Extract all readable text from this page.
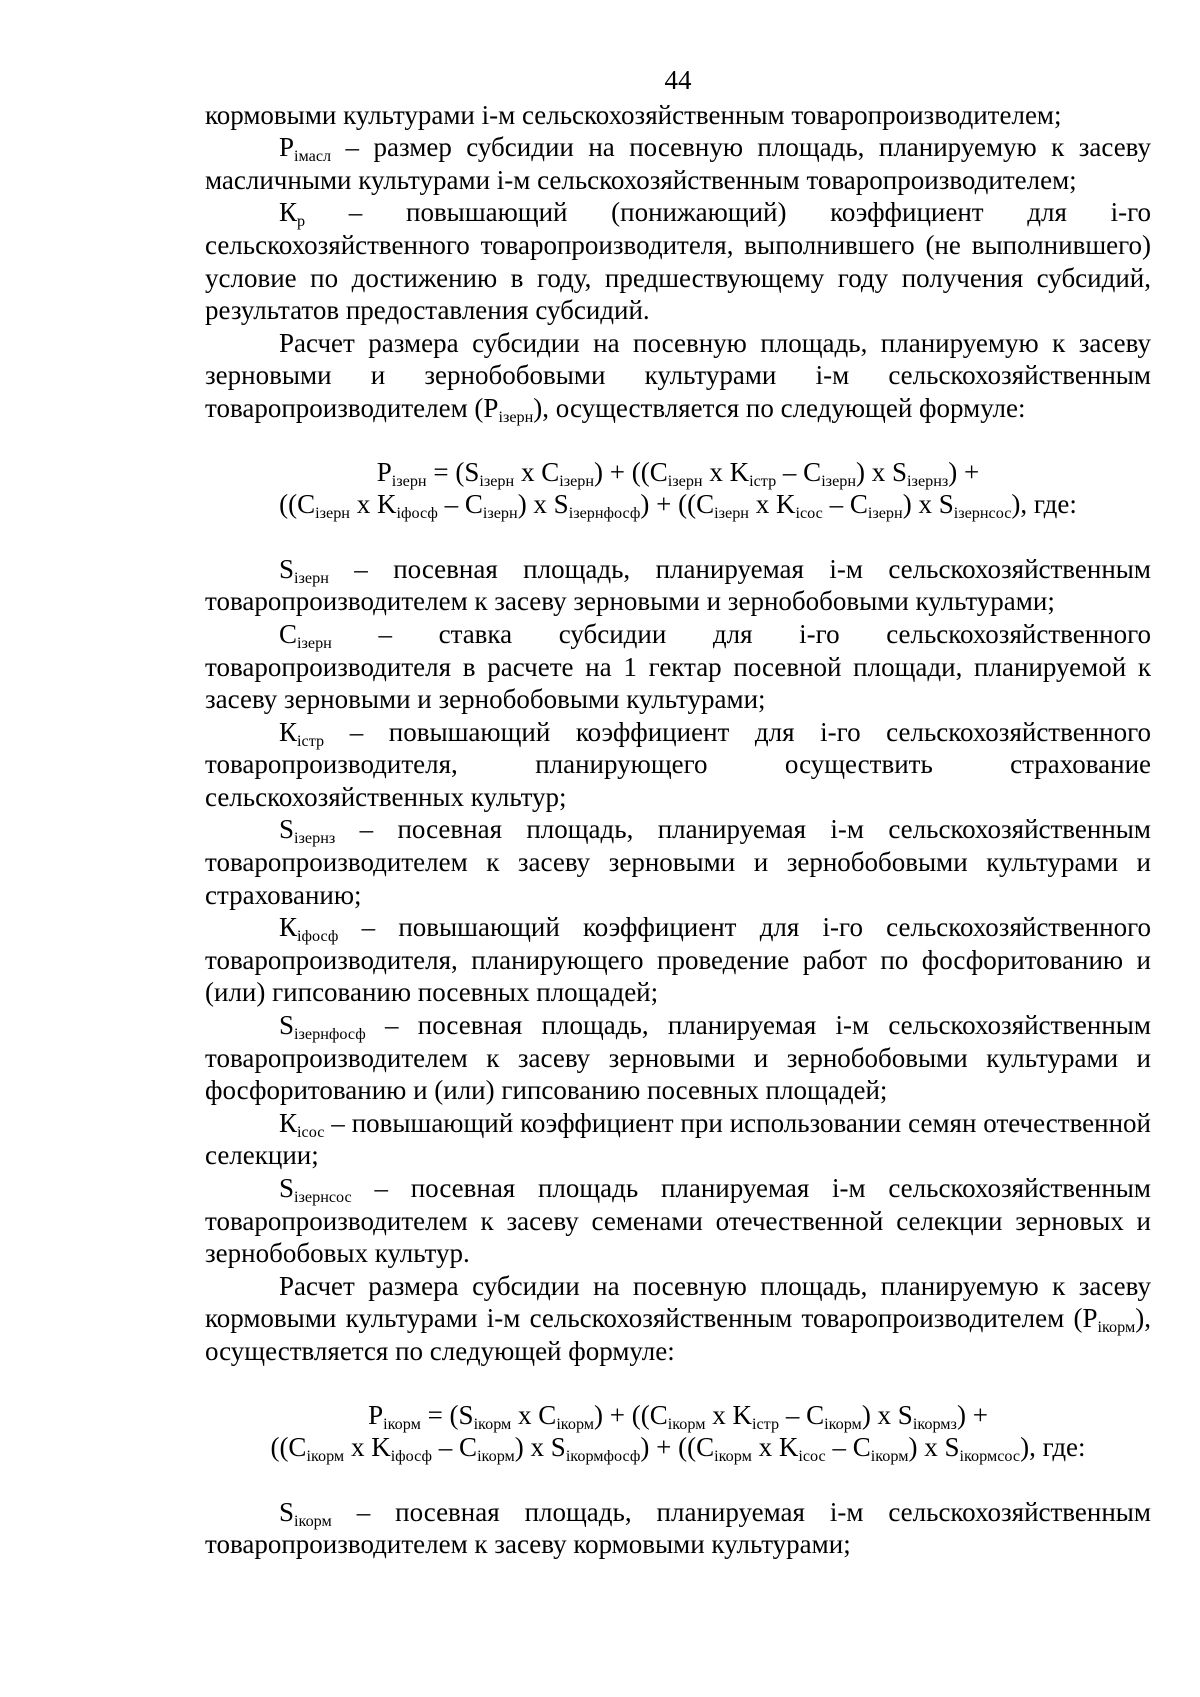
44

кормовыми культурами i-м сельскохозяйственным товаропроизводителем;

$P_{iмасл}$ – размер субсидии на посевную площадь, планируемую к засеву масличными культурами i-м сельскохозяйственным товаропроизводителем;

$К_р$ – повышающий (понижающий) коэффициент для i-го сельскохозяйственного товаропроизводителя, выполнившего (не выполнившего) условие по достижению в году, предшествующему году получения субсидий, результатов предоставления субсидий.

Расчет размера субсидии на посевную площадь, планируемую к засеву зерновыми и зернобобовыми культурами i-м сельскохозяйственным товаропроизводителем $(P_{iзерн})$, осуществляется по следующей формуле:

$P_{iзерн} = (S_{iзерн}$ x $C_{iзерн}) + ((C_{iзерн}$ x $K_{iстр} - C_{iзерн}$) x $S_{iзернз}$) +

(($C_{iзерн}$ x $K_{iфосф} - C_{iзерн}$) x $S_{iзернфосф}) + ((C_{iзерн}$ x $K_{iсос} - C_{iзерн}$) x $S_{iзернсос}$), где:

$S_{iзерн}$ – посевная площадь, планируемая i-м сельскохозяйственным товаропроизводителем к засеву зерновыми и зернобобовыми культурами;

$С_{iзерн}$ – ставка субсидии для i-го сельскохозяйственного товаропроизводителя в расчете на 1 гектар посевной площади, планируемой к засеву зерновыми и зернобобовыми культурами;

$К_{iстр}$ – повышающий коэффициент для i-го сельскохозяйственного товаропроизводителя, планирующего осуществить страхование сельскохозяйственных культур;

$S_{iзернз}$ – посевная площадь, планируемая i-м сельскохозяйственным товаропроизводителем к засеву зерновыми и зернобобовыми культурами и страхованию;

$К_{iфосф}$ – повышающий коэффициент для i-го сельскохозяйственного товаропроизводителя, планирующего проведение работ по фосфоритованию и (или) гипсованию посевных площадей;

$S_{iзернфосф}$ – посевная площадь, планируемая i-м сельскохозяйственным товаропроизводителем к засеву зерновыми и зернобобовыми культурами и фосфоритованию и (или) гипсованию посевных площадей;

$К_{iсос}$ – повышающий коэффициент при использовании семян отечественной селекции;

$S_{iзернсос}$ – посевная площадь планируемая i-м сельскохозяйственным товаропроизводителем к засеву семенами отечественной селекции зерновых и зернобобовых культур.

Расчет размера субсидии на посевную площадь, планируемую к засеву кормовыми культурами i-м сельскохозяйственным товаропроизводителем $(P_{iкорм})$, осуществляется по следующей формуле:

$P_{iкорм} = (S_{iкорм}$ x $C_{iкорм}) + ((C_{iкорм}$ x $K_{iстр} - C_{iкорм}$) x $S_{iкормз}$) +

(($C_{iкорм}$ x $K_{iфосф} - C_{iкорм}$) x $S_{iкормфосф}) + ((C_{iкорм}$ x $K_{iсос} - C_{iкорм}$) x $S_{iкормсос}$), где:

$S_{iкорм}$ – посевная площадь, планируемая i-м сельскохозяйственным товаропроизводителем к засеву кормовыми культурами;
